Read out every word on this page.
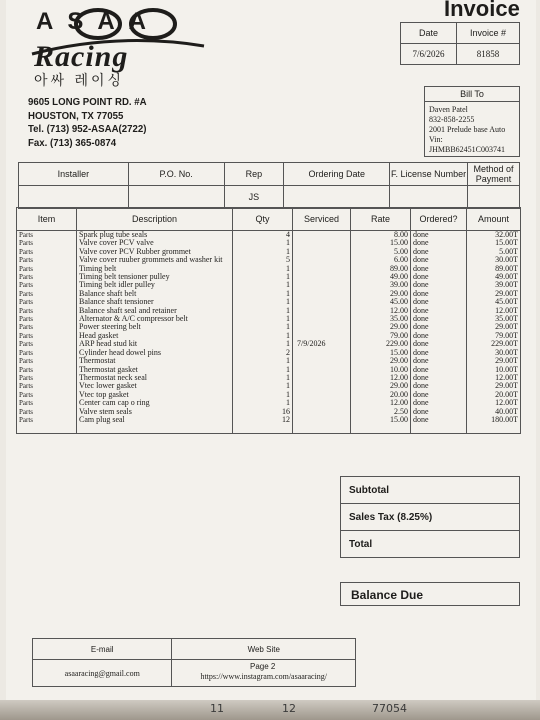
ASAA
Racing
아싸 레이싱
9605 LONG POINT RD. #A
HOUSTON, TX 77055
Tel. (713) 952-ASAA(2722)
Fax. (713) 365-0874
Invoice
Date	Invoice #
7/6/2026	81858
Bill To
Daven Patel
832-858-2255
2001 Prelude base Auto
Vin:
JHMBB62451C003741
Installer	P.O. No.	Rep	Ordering Date	F. License Number	Method of Payment
		JS			
Item	Description	Qty	Serviced	Rate	Ordered?	Amount
Parts	Spark plug tube seals	4		8.00	done	32.00T
Parts	Valve cover PCV valve	1		15.00	done	15.00T
Parts	Valve cover PCV Rubber grommet	1		5.00	done	5.00T
Parts	Valve cover ruuber grommets and washer kit	5		6.00	done	30.00T
Parts	Timing belt	1		89.00	done	89.00T
Parts	Timing belt tensioner pulley	1		49.00	done	49.00T
Parts	Timing belt idler pulley	1		39.00	done	39.00T
Parts	Balance shaft belt	1		29.00	done	29.00T
Parts	Balance shaft tensioner	1		45.00	done	45.00T
Parts	Balance shaft seal and retainer	1		12.00	done	12.00T
Parts	Alternator & A/C compressor belt	1		35.00	done	35.00T
Parts	Power steering belt	1		29.00	done	29.00T
Parts	Head gasket	1		79.00	done	79.00T
Parts	ARP head stud kit	1	7/9/2026	229.00	done	229.00T
Parts	Cylinder head dowel pins	2		15.00	done	30.00T
Parts	Thermostat	1		29.00	done	29.00T
Parts	Thermostat gasket	1		10.00	done	10.00T
Parts	Thermostat neck seal	1		12.00	done	12.00T
Parts	Vtec lower gasket	1		29.00	done	29.00T
Parts	Vtec top gasket	1		20.00	done	20.00T
Parts	Center cam cap o ring	1		12.00	done	12.00T
Parts	Valve stem seals	16		2.50	done	40.00T
Parts	Cam plug seal	12		15.00	done	180.00T

Subtotal
Sales Tax (8.25%)
Total
Balance Due
E-mail	Web Site
asaaracing@gmail.com	https://www.instagram.com/asaaracing/
Page 2
11	12	77054
